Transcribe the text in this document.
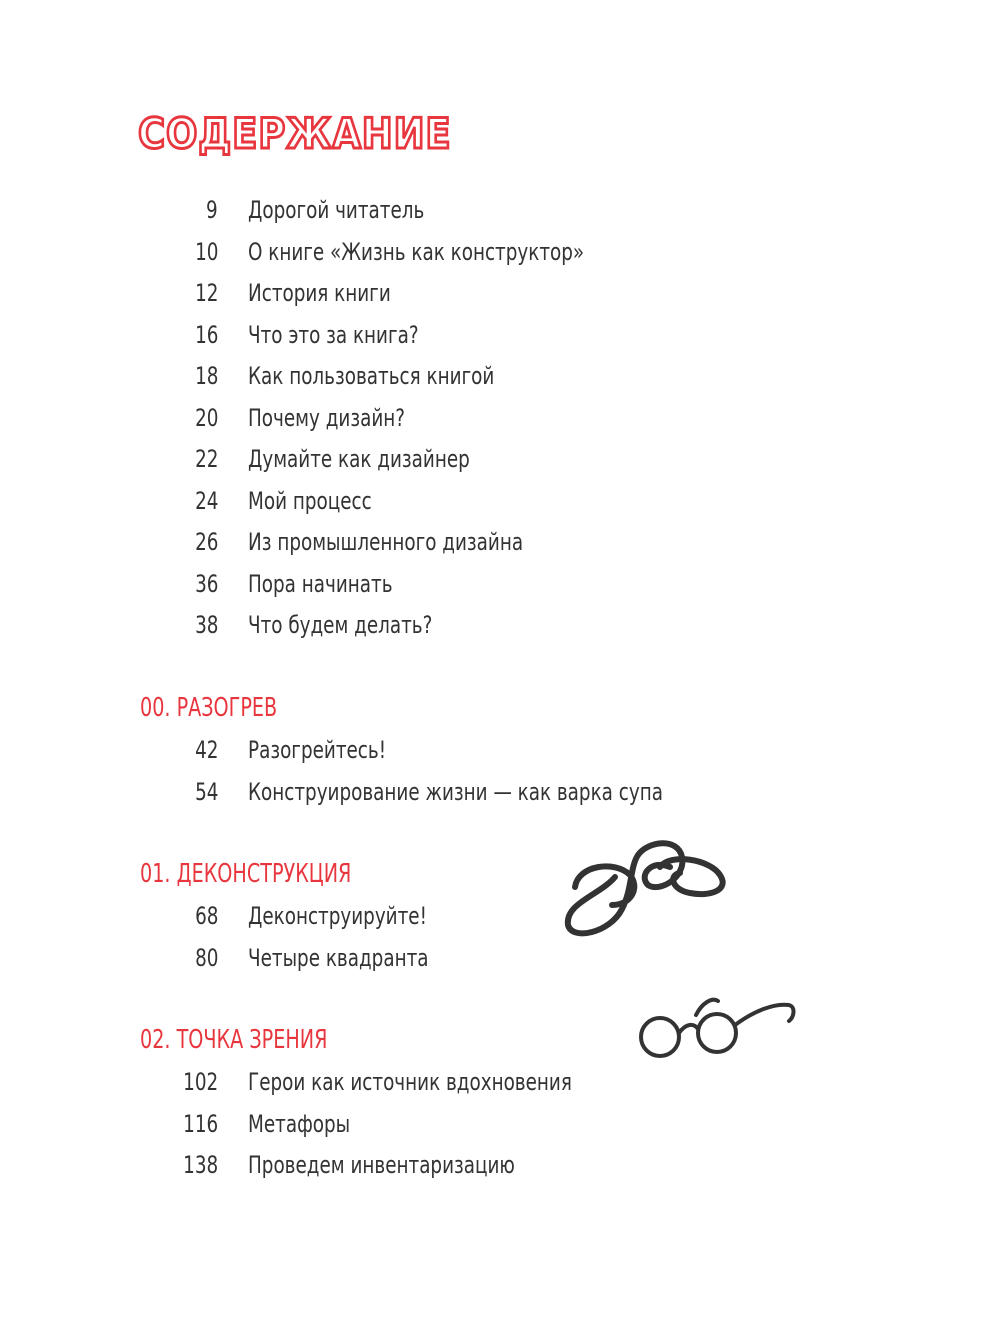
СОДЕРЖАНИЕ
9 Дорогой читатель
10 О книге «Жизнь как конструктор»
12 История книги
16 Что это за книга?
18 Как пользоваться книгой
20 Почему дизайн?
22 Думайте как дизайнер
24 Мой процесс
26 Из промышленного дизайна
36 Пора начинать
38 Что будем делать?
00. РАЗОГРЕВ
42 Разогрейтесь!
54 Конструирование жизни — как варка супа
01. ДЕКОНСТРУКЦИЯ
68 Деконструируйте!
80 Четыре квадранта
02. ТОЧКА ЗРЕНИЯ
102 Герои как источник вдохновения
116 Метафоры
138 Проведем инвентаризацию
